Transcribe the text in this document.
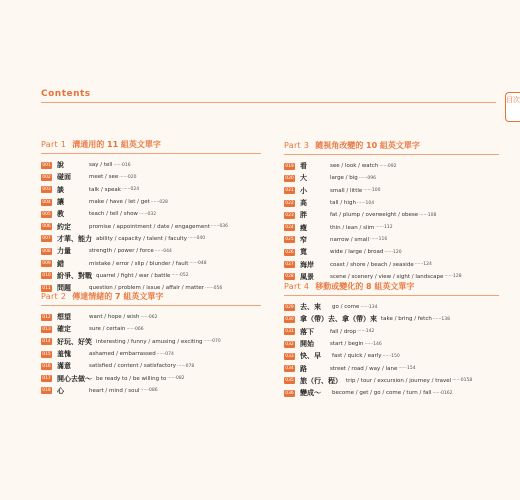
Contents
目次
Part 1 溝通用的 11 組英文單字
001 說	say / tell ······016
002 碰面	meet / see ······020
003 談	talk / speak ······024
004 讓	make / have / let / get ······028
005 教	teach / tell / show ······032
006 約定	promise / appointment / date / engagement ······036
007 才華、能力 ability / capacity / talent / faculty ······040
008 力量	strength / power / force ······044
009 錯	mistake / error / slip / blunder / fault ······048
010 紛爭、對戰 quarrel / fight / war / battle ······052
011 問題	question / problem / issue / affair / matter ······056
Part 2 傳達情緒的 7 組英文單字
012 想望	want / hope / wish ······062
013 確定	sure / certain ······066
014 好玩、好笑 interesting / funny / amusing / exciting ······070
015 羞愧	ashamed / embarrassed ······074
016 滿意	satisfied / content / satisfactory ······078
017 開心去做～ be ready to / be willing to ······082
018 心	heart / mind / soul ······086
Part 3 隨視角改變的 10 組英文單字
019 看	see / look / watch ······092
020 大	large / big ······096
021 小	small / little ······100
022 高	tall / high ······104
023 胖	fat / plump / overweight / obese ······108
024 瘦	thin / lean / slim ······112
025 窄	narrow / small ······116
026 寬	wide / large / broad ······120
027 海岸	coast / shore / beach / seaside ······124
028 風景	scene / scenery / view / sight / landscape ······128
Part 4 移動或變化的 8 組英文單字
029 去、來	go / come ······134
030 拿（帶）去、拿（帶）來 take / bring / fetch ······138
031 落下	fall / drop ······142
032 開始	start / begin ······146
033 快、早	fast / quick / early ······150
034 路	street / road / way / lane ······154
035 旅（行、程） trip / tour / excursion / journey / travel ······0158
036 變成～	become / get / go / come / turn / fall ······0162
